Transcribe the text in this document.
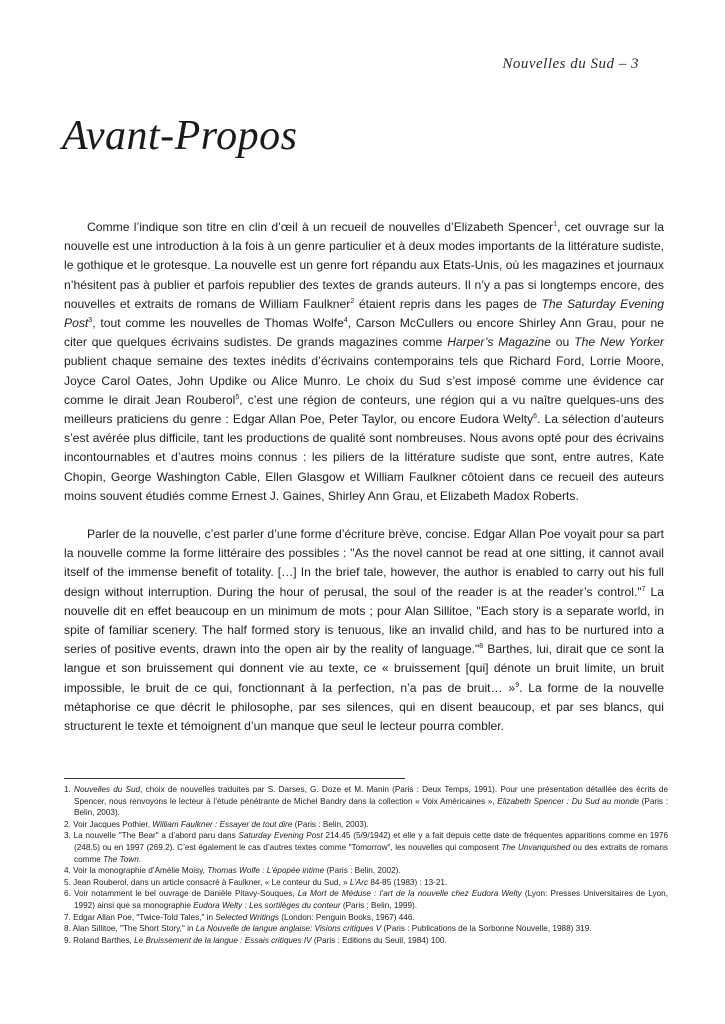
Nouvelles du Sud – 3
Avant-Propos

Comme l’indique son titre en clin d’œil à un recueil de nouvelles d’Elizabeth Spencer$^1$, cet ouvrage sur la nouvelle est une introduction à la fois à un genre particulier et à deux modes importants de la littérature sudiste, le gothique et le grotesque. La nouvelle est un genre fort répandu aux Etats-Unis, où les magazines et journaux n’hésitent pas à publier et parfois republier des textes de grands auteurs. Il n’y a pas si longtemps encore, des nouvelles et extraits de romans de William Faulkner$^2$ étaient repris dans les pages de The Saturday Evening Post$^3$, tout comme les nouvelles de Thomas Wolfe$^4$, Carson McCullers ou encore Shirley Ann Grau, pour ne citer que quelques écrivains sudistes. De grands magazines comme Harper’s Magazine ou The New Yorker publient chaque semaine des textes inédits d’écrivains contemporains tels que Richard Ford, Lorrie Moore, Joyce Carol Oates, John Updike ou Alice Munro. Le choix du Sud s’est imposé comme une évidence car comme le dirait Jean Rouberol$^5$, c’est une région de conteurs, une région qui a vu naître quelques-uns des meilleurs praticiens du genre : Edgar Allan Poe, Peter Taylor, ou encore Eudora Welty$^6$. La sélection d’auteurs s’est avérée plus difficile, tant les productions de qualité sont nombreuses. Nous avons opté pour des écrivains incontournables et d’autres moins connus : les piliers de la littérature sudiste que sont, entre autres, Kate Chopin, George Washington Cable, Ellen Glasgow et William Faulkner côtoient dans ce recueil des auteurs moins souvent étudiés comme Ernest J. Gaines, Shirley Ann Grau, et Elizabeth Madox Roberts.

Parler de la nouvelle, c’est parler d’une forme d’écriture brève, concise. Edgar Allan Poe voyait pour sa part la nouvelle comme la forme littéraire des possibles : "As the novel cannot be read at one sitting, it cannot avail itself of the immense benefit of totality. […] In the brief tale, however, the author is enabled to carry out his full design without interruption. During the hour of perusal, the soul of the reader is at the reader’s control."$^7$ La nouvelle dit en effet beaucoup en un minimum de mots ; pour Alan Sillitoe, "Each story is a separate world, in spite of familiar scenery. The half formed story is tenuous, like an invalid child, and has to be nurtured into a series of positive events, drawn into the open air by the reality of language."$^8$ Barthes, lui, dirait que ce sont la langue et son bruissement qui donnent vie au texte, ce « bruissement [qui] dénote un bruit limite, un bruit impossible, le bruit de ce qui, fonctionnant à la perfection, n’a pas de bruit… »$^9$. La forme de la nouvelle métaphorise ce que décrit le philosophe, par ses silences, qui en disent beaucoup, et par ses blancs, qui structurent le texte et témoignent d’un manque que seul le lecteur pourra combler.

1. Nouvelles du Sud, choix de nouvelles traduites par S. Darses, G. Doze et M. Manin (Paris : Deux Temps, 1991). Pour une présentation détaillée des écrits de Spencer, nous renvoyons le lecteur à l’étude pénétrante de Michel Bandry dans la collection « Voix Américaines », Elizabeth Spencer : Du Sud au monde (Paris : Belin, 2003).
2. Voir Jacques Pothier, William Faulkner : Essayer de tout dire (Paris : Belin, 2003).
3. La nouvelle "The Bear" a d’abord paru dans Saturday Evening Post 214.45 (5/9/1942) et elle y a fait depuis cette date de fréquentes apparitions comme en 1976 (248.5) ou en 1997 (269.2). C’est également le cas d’autres textes comme "Tomorrow", les nouvelles qui composent The Unvanquished ou des extraits de romans comme The Town.
4. Voir la monographie d’Amélie Moisy, Thomas Wolfe : L’épopée intime (Paris : Belin, 2002).
5. Jean Rouberol, dans un article consacré à Faulkner, « Le conteur du Sud, » L’Arc 84-85 (1983) : 13-21.
6. Voir notamment le bel ouvrage de Danièle Pitavy-Souques, La Mort de Méduse : l’art de la nouvelle chez Eudora Welty (Lyon: Presses Universitaires de Lyon, 1992) ainsi que sa monographie Eudora Welty : Les sortilèges du conteur (Paris : Belin, 1999).
7. Edgar Allan Poe, "Twice-Told Tales," in Selected Writings (London: Penguin Books, 1967) 446.
8. Alan Sillitoe, "The Short Story," in La Nouvelle de langue anglaise: Visions critiques V (Paris : Publications de la Sorbonne Nouvelle, 1988) 319.
9. Roland Barthes, Le Bruissement de la langue : Essais critiques IV (Paris : Editions du Seuil, 1984) 100.
